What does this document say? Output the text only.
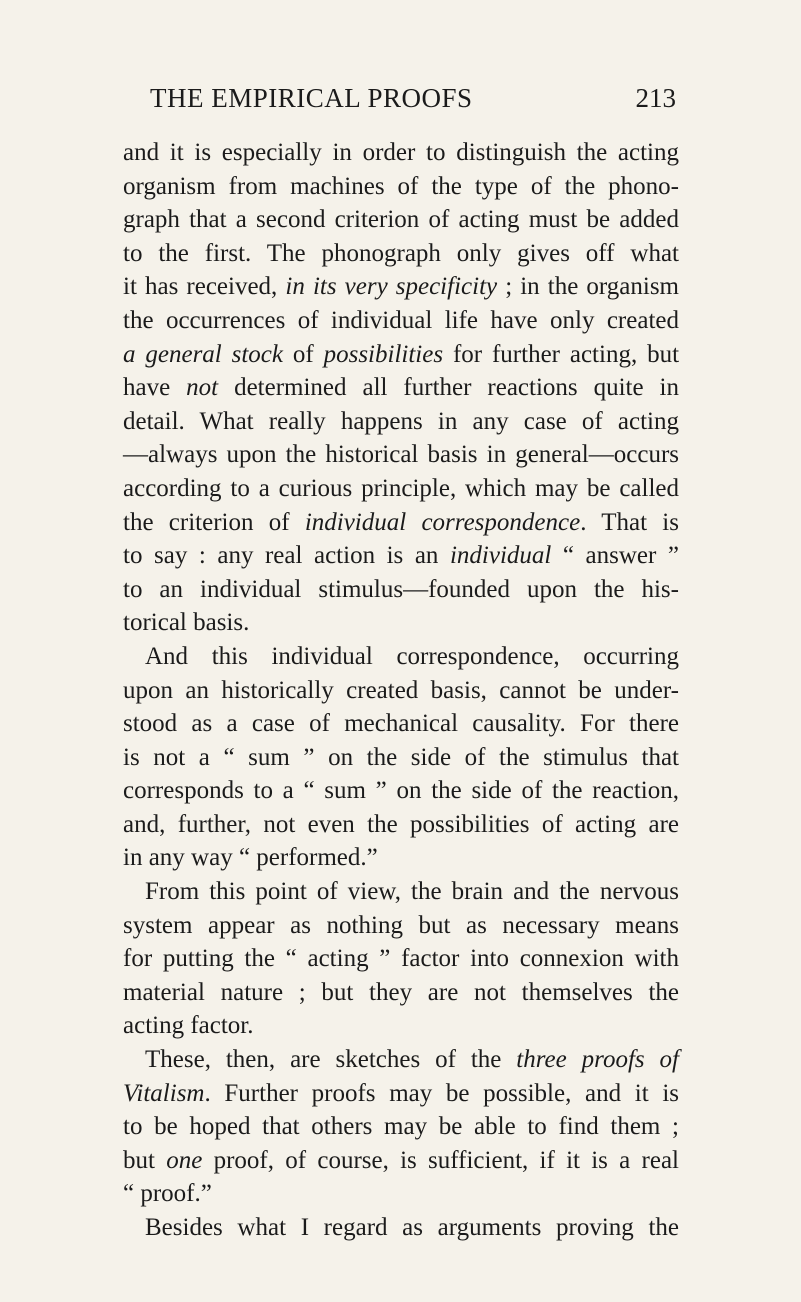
THE EMPIRICAL PROOFS	213
and it is especially in order to distinguish the acting
organism from machines of the type of the phono-
graph that a second criterion of acting must be added
to the first. The phonograph only gives off what
it has received, in its very specificity ; in the organism
the occurrences of individual life have only created
a general stock of possibilities for further acting, but
have not determined all further reactions quite in
detail. What really happens in any case of acting
—always upon the historical basis in general—occurs
according to a curious principle, which may be called
the criterion of individual correspondence. That is
to say : any real action is an individual “ answer ”
to an individual stimulus—founded upon the his-
torical basis.
And this individual correspondence, occurring
upon an historically created basis, cannot be under-
stood as a case of mechanical causality. For there
is not a “ sum ” on the side of the stimulus that
corresponds to a “ sum ” on the side of the reaction,
and, further, not even the possibilities of acting are
in any way “ performed.”
From this point of view, the brain and the nervous
system appear as nothing but as necessary means
for putting the “ acting ” factor into connexion with
material nature ; but they are not themselves the
acting factor.
These, then, are sketches of the three proofs of
Vitalism. Further proofs may be possible, and it is
to be hoped that others may be able to find them ;
but one proof, of course, is sufficient, if it is a real
“ proof.”
Besides what I regard as arguments proving the
